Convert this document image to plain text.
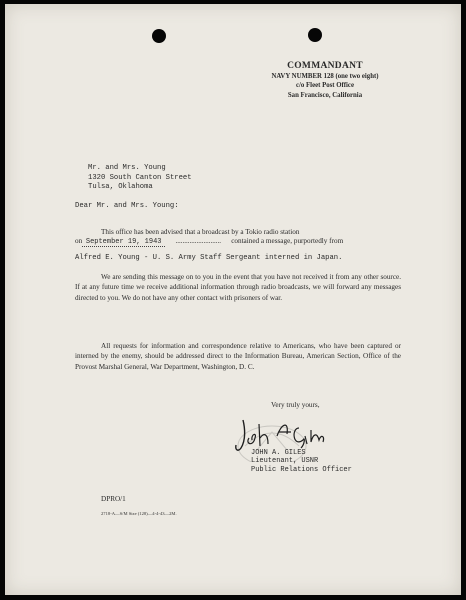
COMMANDANT
NAVY NUMBER 128 (one two eight)
c/o Fleet Post Office
San Francisco, California
Mr. and Mrs. Young
1320 South Canton Street
Tulsa, Oklahoma
Dear Mr. and Mrs. Young:
This office has been advised that a broadcast by a Tokio radio station
on September 19, 1943 .......................... contained a message, purportedly from
Alfred E. Young - U. S. Army Staff Sergeant interned in Japan.
We are sending this message on to you in the event that you have not received it from any other source. If at any future time we receive additional information through radio broadcasts, we will forward any messages directed to you. We do not have any other contact with prisoners of war.
All requests for information and correspondence relative to Americans, who have been captured or interned by the enemy, should be addressed direct to the Information Bureau, American Section, Office of the Provost Marshal General, War Department, Washington, D. C.
Very truly yours,
JOHN A. GILES
Lieutenant, USNR
Public Relations Officer
DPRO/1
2718-A—S/M Size (128)—4-4-43—2M.
